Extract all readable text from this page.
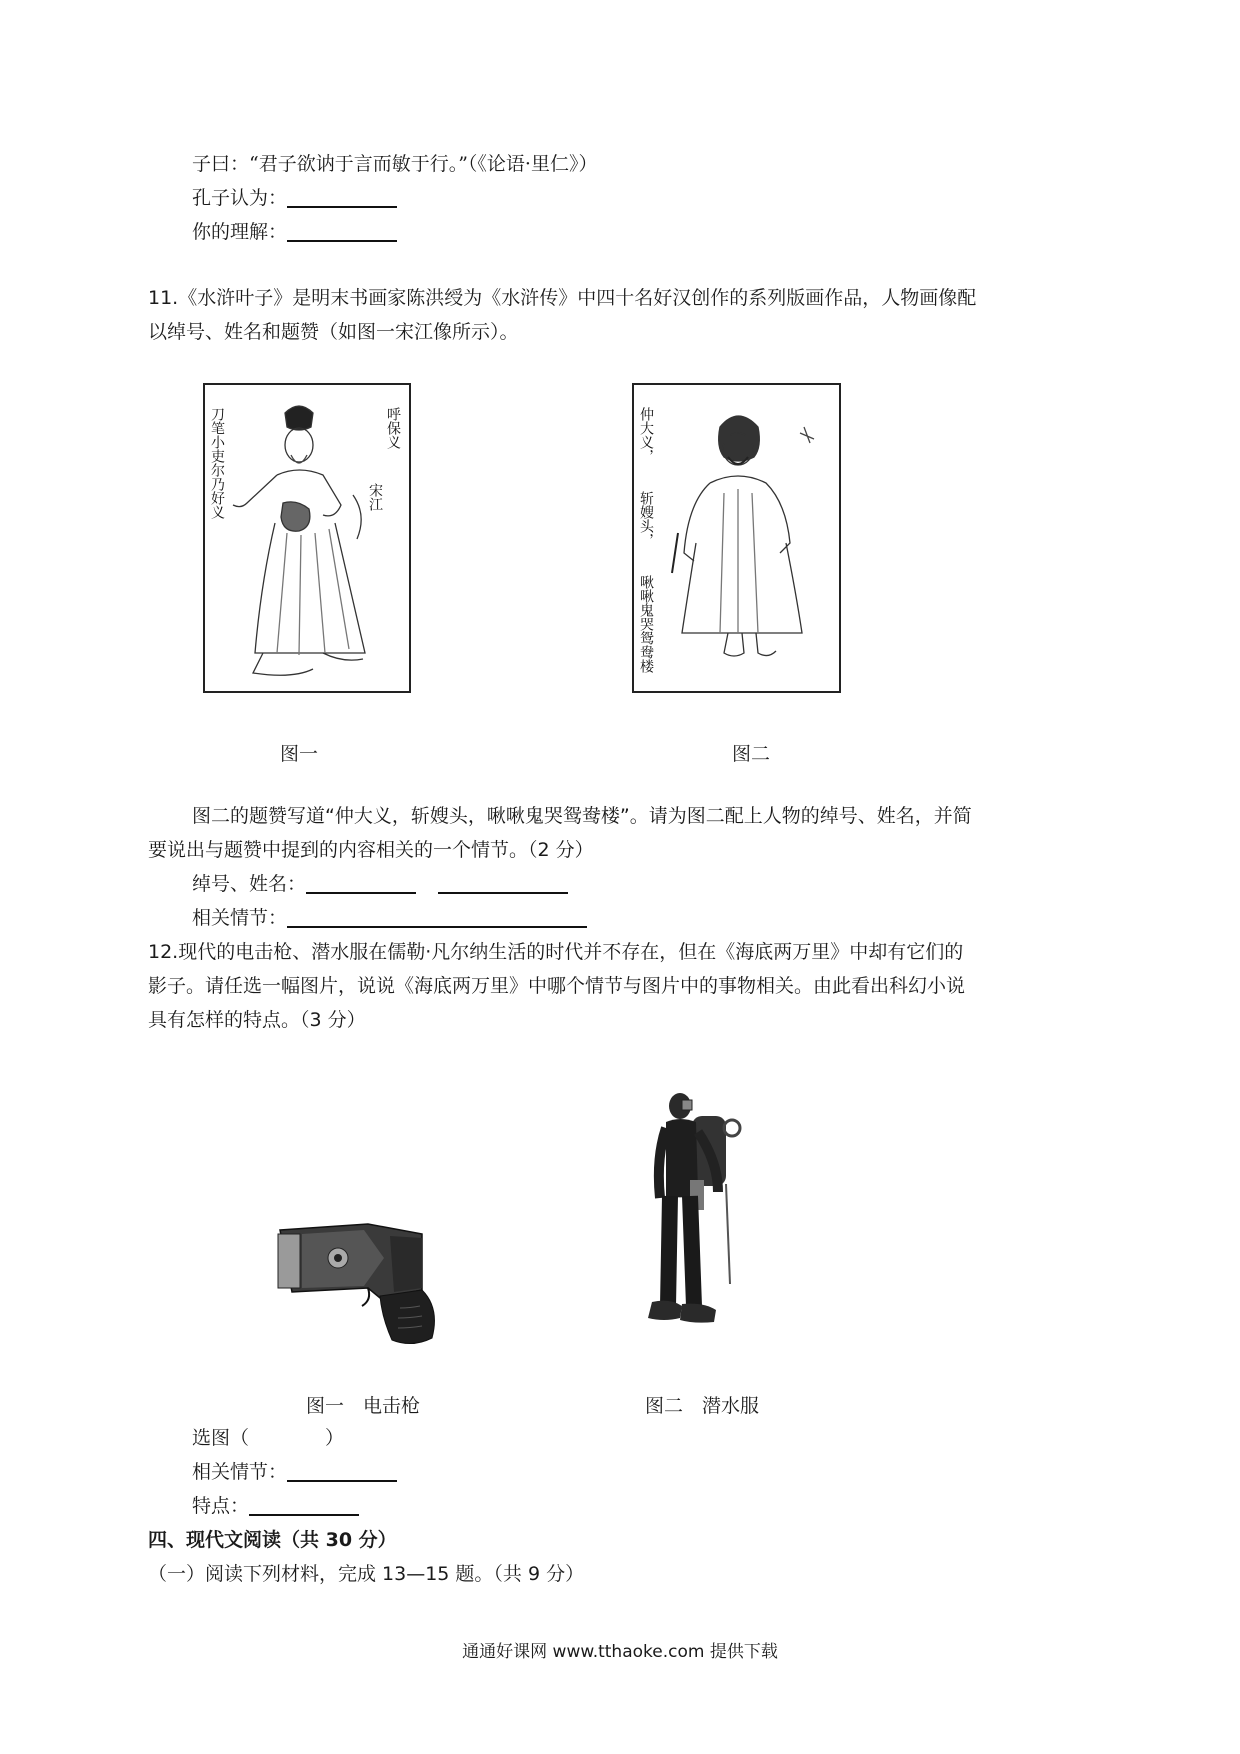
子曰：“君子欲讷于言而敏于行。”（《论语·里仁》）
孔子认为：
你的理解：
11.《水浒叶子》是明末书画家陈洪绶为《水浒传》中四十名好汉创作的系列版画作品，人物画像配
以绰号、姓名和题赞（如图一宋江像所示）。
刀笔小吏尔乃好义	呼保义
宋江
图一
仲大义，
斩嫂头，
啾啾鬼哭鸳鸯楼
图二
图二的题赞写道“仲大义，斩嫂头，啾啾鬼哭鸳鸯楼”。请为图二配上人物的绰号、姓名，并简
要说出与题赞中提到的内容相关的一个情节。（2 分）
绰号、姓名：
相关情节：
12.现代的电击枪、潜水服在儒勒·凡尔纳生活的时代并不存在，但在《海底两万里》中却有它们的
影子。请任选一幅图片，说说《海底两万里》中哪个情节与图片中的事物相关。由此看出科幻小说
具有怎样的特点。（3 分）
图一　电击枪	图二　潜水服
选图（　　　　）
相关情节：
特点：
四、现代文阅读（共 30 分）
（一）阅读下列材料，完成 13—15 题。（共 9 分）
通通好课网 www.tthaoke.com 提供下载
